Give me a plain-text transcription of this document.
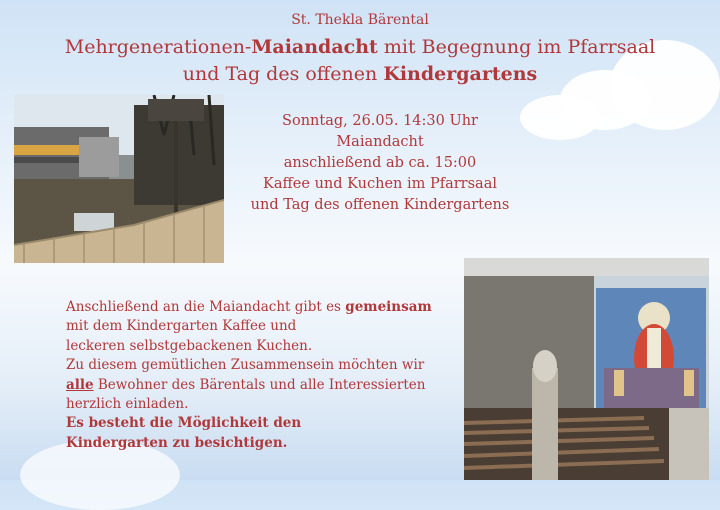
St. Thekla Bärental
Mehrgenerationen-Maiandacht mit Begegnung im Pfarrsaal
und Tag des offenen Kindergartens
Sonntag, 26.05. 14:30 Uhr
Maiandacht
anschließend ab ca. 15:00
Kaffee und Kuchen im Pfarrsaal
und Tag des offenen Kindergartens
Anschließend an die Maiandacht gibt es gemeinsam
mit dem Kindergarten Kaffee und
leckeren selbstgebackenen Kuchen.
Zu diesem gemütlichen Zusammensein möchten wir
alle Bewohner des Bärentals und alle Interessierten
herzlich einladen.
Es besteht die Möglichkeit den
Kindergarten zu besichtigen.
